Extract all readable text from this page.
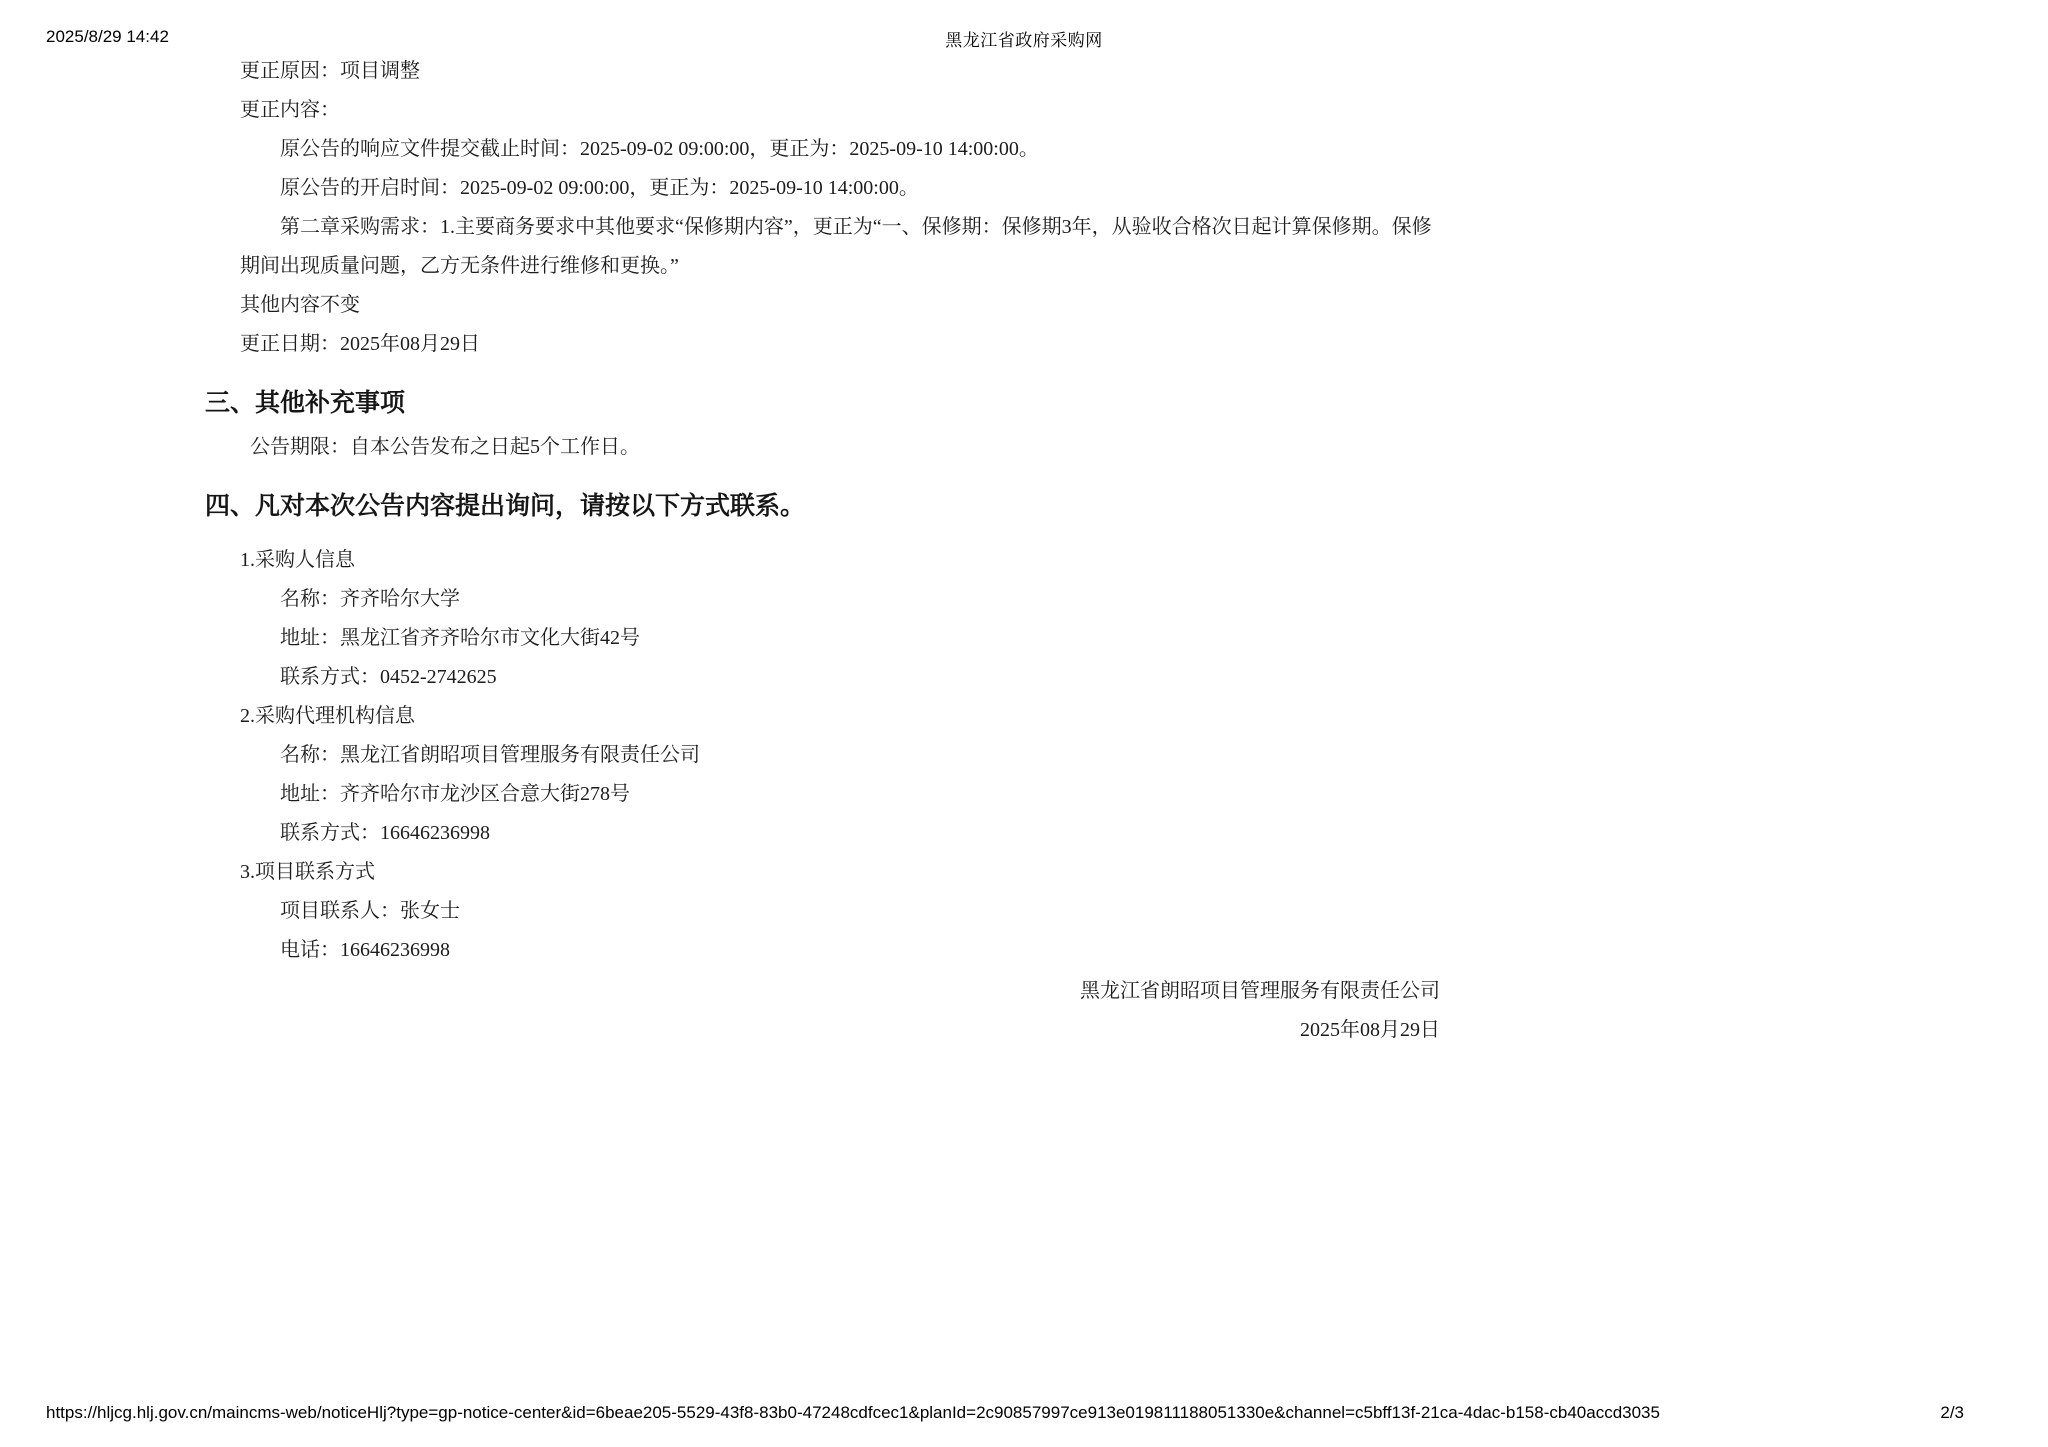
2025/8/29 14:42	黑龙江省政府采购网

更正原因：项目调整

更正内容：

原公告的响应文件提交截止时间：2025-09-02 09:00:00，更正为：2025-09-10 14:00:00。

原公告的开启时间：2025-09-02 09:00:00，更正为：2025-09-10 14:00:00。

第二章采购需求：1.主要商务要求中其他要求“保修期内容”，更正为“一、保修期：保修期3年，从验收合格次日起计算保修期。保修期间出现质量问题，乙方无条件进行维修和更换。”

其他内容不变

更正日期：2025年08月29日

三、其他补充事项

公告期限：自本公告发布之日起5个工作日。

四、凡对本次公告内容提出询问，请按以下方式联系。

1.采购人信息

名称：齐齐哈尔大学

地址：黑龙江省齐齐哈尔市文化大街42号

联系方式：0452-2742625

2.采购代理机构信息

名称：黑龙江省朗昭项目管理服务有限责任公司

地址：齐齐哈尔市龙沙区合意大街278号

联系方式：16646236998

3.项目联系方式

项目联系人：张女士

电话：16646236998

黑龙江省朗昭项目管理服务有限责任公司

2025年08月29日

https://hljcg.hlj.gov.cn/maincms-web/noticeHlj?type=gp-notice-center&id=6beae205-5529-43f8-83b0-47248cdfcec1&planId=2c90857997ce913e019811188051330e&channel=c5bff13f-21ca-4dac-b158-cb40accd3035	2/3
